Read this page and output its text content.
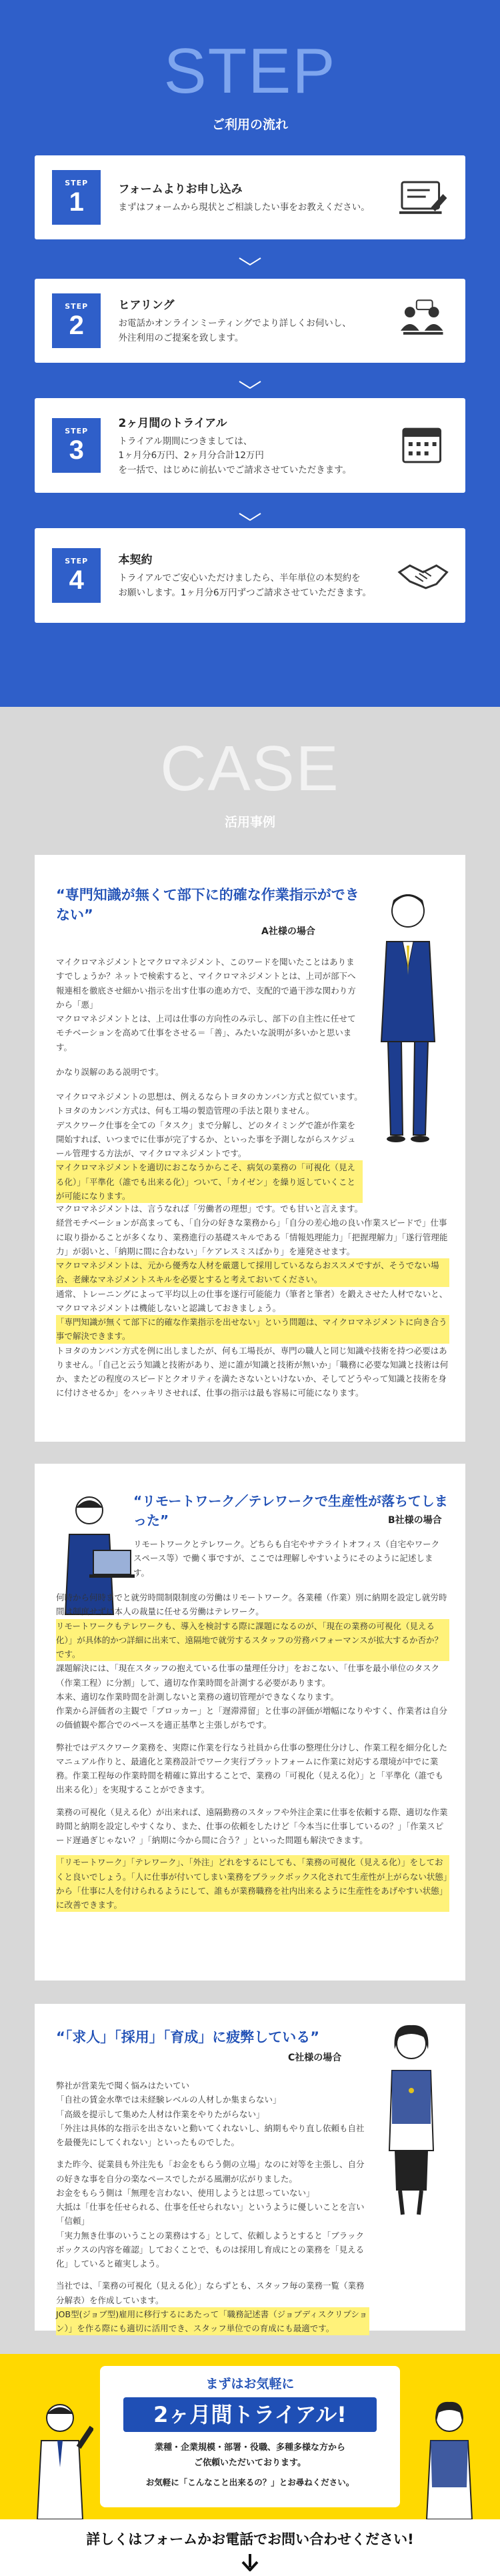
STEP
ご利用の流れ
STEP
1	フォームよりお申し込み
まずはフォームから現状とご相談したい事をお教えください。
STEP
2
ヒアリング
お電話かオンラインミーティングでより詳しくお伺いし、
外注利用のご提案を致します。
STEP
3
2ヶ月間のトライアル
トライアル期間につきましては、
1ヶ月分6万円、2ヶ月分合計12万円
を一括で、はじめに前払いでご請求させていただきます。
STEP
4
本契約
トライアルでご安心いただけましたら、半年単位の本契約を
お願いします。1ヶ月分6万円ずつご請求させていただきます。
CASE
活用事例
“専門知識が無くて部下に的確な作業指示ができない”
A社様の場合

マイクロマネジメントとマクロマネジメント、このワードを聞いたことはありますでしょうか？ネットで検索すると、マイクロマネジメントとは、上司が部下へ報連相を徹底させ細かい指示を出す仕事の進め方で、支配的で過干渉な関わり方から「悪」

マクロマネジメントとは、上司は仕事の方向性のみ示し、部下の自主性に任せてモチベーションを高めて仕事をさせる＝「善」、みたいな説明が多いかと思います。

かなり誤解のある説明です。

マイクロマネジメントの思想は、例えるならトヨタのカンバン方式と似ています。トヨタのカンバン方式は、何も工場の製造管理の手法と限りません。

デスクワーク仕事を全ての「タスク」まで分解し、どのタイミングで誰が作業を開始すれば、いつまでに仕事が完了するか、といった事を予測しながらスケジュール管理する方法が、マイクロマネジメントです。

マイクロマネジメントを適切におこなうからこそ、病気の業務の「可視化（見える化）」「平準化（誰でも出来る化）」ついて、「カイゼン」を繰り返していくことが可能になります。

マクロマネジメントは、言うなれば「労働者の理想」です。でも甘いと言えます。

経営モチベーションが高まっても、「自分の好きな業務から」「自分の差心地の良い作業スピードで」仕事に取り掛かることが多くなり、業務進行の基礎スキルである「情報処理能力」「把握理解力」「遂行管理能力」が弱いと、「納期に間に合わない」「ケアレスミスばかり」を連発させます。

マクロマネジメントは、元から優秀な人材を厳選して採用しているならおススメですが、そうでない場合、老練なマネジメントスキルを必要とすると考えておいてください。

通常、トレーニングによって平均以上の仕事を遂行可能能力（筆者と筆者）を鍛えさせた人材でないと、マクロマネジメントは機能しないと認識しておきましょう。

「専門知識が無くて部下に的確な作業指示を出せない」という問題は、マイクロマネジメントに向き合う事で解決できます。

トヨタのカンバン方式を例に出しましたが、何も工場長が、専門の職人と同じ知識や技術を持つ必要はありません。「自己と云う知識と技術があり、逆に誰が知識と技術が無いか」「職務に必要な知識と技術は何か、またどの程度のスピードとクオリティを満たさないといけないか、そしてどうやって知識と技術を身に付けさせるか」をハッキリさせれば、仕事の指示は最も容易に可能になります。

“リモートワーク／テレワークで生産性が落ちてしまった”	B社様の場合

リモートワークとテレワーク。どちらも自宅やサテライトオフィス（自宅やワークスペース等）で働く事ですが、ここでは理解しやすいようにそのように記述します。

何時から何時までと就労時間制限制度の労働はリモートワーク。各業種（作業）別に納期を設定し就労時間は制度せずに本人の裁量に任せる労働はテレワーク。

リモートワークもテレワークも、導入を検討する際に課題になるのが、「現在の業務の可視化（見える化）」が具体的かつ詳細に出来て、遠隔地で就労するスタッフの労務パフォーマンスが拡大するか否か？です。

課題解決には、「現在スタッフの抱えている仕事の量理任分け」をおこない、「仕事を最小単位のタスク（作業工程）に分割」して、適切な作業時間を計測する必要があります。

本来、適切な作業時間を計測しないと業務の適切管理ができなくなります。

作業から評価者の主観で「ブロッカー」と「遅滞滞留」と仕事の評価が増幅になりやすく、作業者は自分の価値観や都合でのペースを適正基準と主張しがちです。

弊社ではデスクワーク業務を、実際に作業を行なう社員から仕事の整理仕分けし、作業工程を細分化したマニュアル作りと、最適化と業務設計でワーク実行プラットフォームに作業に対応する環境が中でに業務。作業工程毎の作業時間を精確に算出することで、業務の「可視化（見える化）」と「平準化（誰でも出来る化）」を実現することができます。

業務の可視化（見える化）が出来れば、遠隔勤務のスタッフや外注企業に仕事を依頼する際、適切な作業時間と納期を設定しやすくなり、また、仕事の依頼をしたけど「今本当に仕事しているの？」「作業スピード遅過ぎじゃない？」「納期に今から間に合う？」といった問題も解決できます。

「リモートワーク」「テレワーク」、「外注」どれをするにしても、「業務の可視化（見える化）」をしておくと良いでしょう。「人に仕事が付いてしまい業務をブラックボックス化されて生産性が上がらない状態」から「仕事に人を付けられるようにして、誰もが業務職務を社内出来るように生産性をあげやすい状態」に改善できます。

“「求人」「採用」「育成」に疲弊している”
C社様の場合

弊社が営業先で聞く悩みはたいてい

「自社の賃金水準では未経験レベルの人材しか集まらない」

「高級を提示して集めた人材は作業をやりたがらない」

「外注は具体的な指示を出さないと動いてくれないし、納期もやり直し依頼も自社を最優先にしてくれない」といったものでした。

また昨今、従業員も外注先も「お金をもらう側の立場」なのに対等を主張し、自分の好きな事を自分の楽なペースでしたがる風潮が広がりました。

お金をもらう側は「無理を言わない、使用しようとは思っていない」

大抵は「仕事を任せられる、仕事を任せられない」というように優しいことを言い「信頼」

「実力無き仕事のいうことの業務はする」として、依頼しようとすると「ブラックボックスの内容を確認」しておくことで、ものは採用し育成にとの業務を「見える化」していると確実しよう。

当社では、「業務の可視化（見える化）」ならずとも、スタッフ毎の業務一覧（業務分解表）を作成しています。

JOB型(ジョブ型)雇用に移行するにあたって「職務記述書（ジョブディスクリプション）」を作る際にも適切に活用でき、スタッフ単位での育成にも最適です。

まずはお気軽に
2ヶ月間トライアル!
業種・企業規模・部署・役職、多種多様な方から
ご依頼いただいております。
お気軽に「こんなこと出来るの？」とお尋ねください。
詳しくはフォームかお電話でお問い合わせください!
